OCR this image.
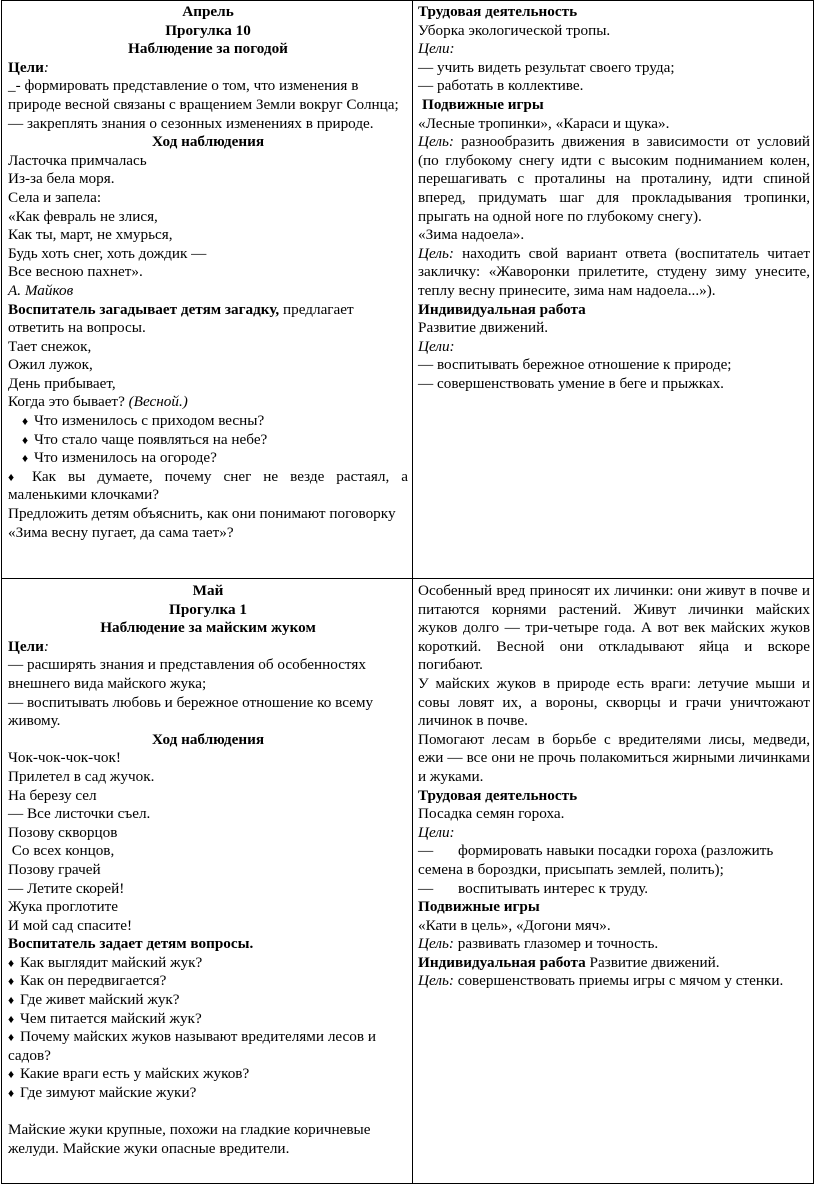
Апрель

Прогулка 10

Наблюдение за погодой

Цели:

_- формировать представление о том, что изменения в природе весной связаны с вращением Земли вокруг Солнца; — закреплять знания о сезонных изменениях в природе.

Ход наблюдения

Ласточка примчалась

Из-за бела моря.

Села и запела:

«Как февраль не злися,

Как ты, март, не хмурься,

Будь хоть снег, хоть дождик —

Все весною пахнет».

А. Майков

Воспитатель загадывает детям загадку, предлагает ответить на вопросы.

Тает снежок,

Ожил лужок,

День прибывает,

Когда это бывает? (Весной.)

♦ Что изменилось с приходом весны?

♦ Что стало чаще появляться на небе?

♦ Что изменилось на огороде?

♦ Как вы думаете, почему снег не везде растаял, а маленькими клочками?

Предложить детям объяснить, как они понимают поговорку «Зима весну пугает, да сама тает»?

Трудовая деятельность

Уборка экологической тропы.

Цели:

— учить видеть результат своего труда;

— работать в коллективе.

Подвижные игры

«Лесные тропинки», «Караси и щука».

Цель: разнообразить движения в зависимости от условий (по глубокому снегу идти с высоким подниманием колен, перешагивать с проталины на проталину, идти спиной вперед, придумать шаг для прокладывания тропинки, прыгать на одной ноге по глубокому снегу).

«Зима надоела».

Цель: находить свой вариант ответа (воспитатель читает закличку: «Жаворонки прилетите, студену зиму унесите, теплу весну принесите, зима нам надоела...»).

Индивидуальная работа

Развитие движений.

Цели:

— воспитывать бережное отношение к природе;

— совершенствовать умение в беге и прыжках.

Май

Прогулка 1

Наблюдение за майским жуком

Цели:

— расширять знания и представления об особенностях внешнего вида майского жука;

— воспитывать любовь и бережное отношение ко всему живому.

Ход наблюдения

Чок-чок-чок-чок!

Прилетел в сад жучок.

На березу сел

— Все листочки съел.

Позову скворцов

Со всех концов,

Позову грачей

— Летите скорей!

Жука проглотите

И мой сад спасите!

Воспитатель задает детям вопросы.

♦ Как выглядит майский жук?

♦ Как он передвигается?

♦ Где живет майский жук?

♦ Чем питается майский жук?

♦ Почему майских жуков называют вредителями лесов и садов?

♦ Какие враги есть у майских жуков?

♦ Где зимуют майские жуки?

Майские жуки крупные, похожи на гладкие коричневые желуди. Майские жуки опасные вредители.

Особенный вред приносят их личинки: они живут в почве и питаются корнями растений. Живут личинки майских жуков долго — три-четыре года. А вот век майских жуков короткий. Весной они откладывают яйца и вскоре погибают.

У майских жуков в природе есть враги: летучие мыши и совы ловят их, а вороны, скворцы и грачи уничтожают личинок в почве.

Помогают лесам в борьбе с вредителями лисы, медведи, ежи — все они не прочь полакомиться жирными личинками и жуками.

Трудовая деятельность

Посадка семян гороха.

Цели:

— формировать навыки посадки гороха (разложить семена в бороздки, присыпать землей, полить);

— воспитывать интерес к труду.

Подвижные игры

«Кати в цель», «Догони мяч».

Цель: развивать глазомер и точность.

Индивидуальная работа Развитие движений.

Цель: совершенствовать приемы игры с мячом у стенки.
